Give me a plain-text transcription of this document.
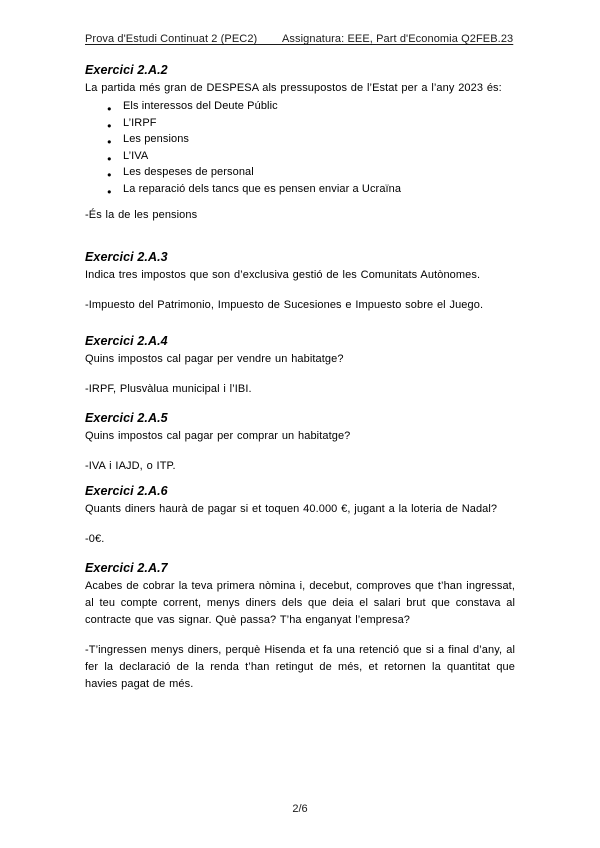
Prova d'Estudi Continuat 2 (PEC2)        Assignatura: EEE, Part d'Economia Q2FEB.23
Exercici 2.A.2

La partida més gran de DESPESA als pressupostos de l’Estat per a l’any 2023 és:

● Els interessos del Deute Públic
● L’IRPF
● Les pensions
● L’IVA
● Les despeses de personal
● La reparació dels tancs que es pensen enviar a Ucraïna

-És la de les pensions

Exercici 2.A.3

Indica tres impostos que son d’exclusiva gestió de les Comunitats Autònomes.

-Impuesto del Patrimonio, Impuesto de Sucesiones e Impuesto sobre el Juego.

Exercici 2.A.4

Quins impostos cal pagar per vendre un habitatge?

-IRPF, Plusvàlua municipal i l’IBI.

Exercici 2.A.5

Quins impostos cal pagar per comprar un habitatge?

-IVA i IAJD, o ITP.

Exercici 2.A.6

Quants diners haurà de pagar si et toquen 40.000 €, jugant a la loteria de Nadal?

-0€.

Exercici 2.A.7

Acabes de cobrar la teva primera nòmina i, decebut, comproves que t’han ingressat, al teu compte corrent, menys diners dels que deia el salari brut que constava al contracte que vas signar. Què passa? T’ha enganyat l’empresa?

-T’ingressen menys diners, perquè Hisenda et fa una retenció que si a final d’any, al fer la declaració de la renda t’han retingut de més, et retornen la quantitat que havies pagat de més.

2/6
